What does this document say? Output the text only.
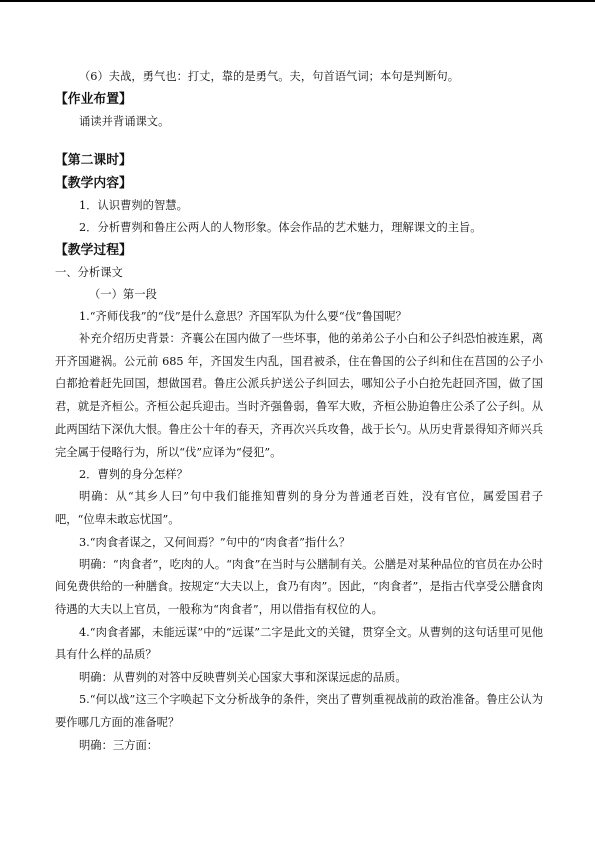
（6）夫战，勇气也：打丈，靠的是勇气。夫，句首语气词；本句是判断句。

【作业布置】

诵读并背诵课文。

【第二课时】

【教学内容】

1．认识曹刿的智慧。

2．分析曹刿和鲁庄公两人的人物形象。体会作品的艺术魅力，理解课文的主旨。

【教学过程】

一、分析课文

（一）第一段

1.“齐师伐我”的“伐”是什么意思？齐国军队为什么要“伐”鲁国呢？

补充介绍历史背景：齐襄公在国内做了一些坏事，他的弟弟公子小白和公子纠恐怕被连累，离开齐国避祸。公元前 685 年，齐国发生内乱，国君被杀，住在鲁国的公子纠和住在莒国的公子小白都抢着赶先回国，想做国君。鲁庄公派兵护送公子纠回去，哪知公子小白抢先赶回齐国，做了国君，就是齐桓公。齐桓公起兵迎击。当时齐强鲁弱，鲁军大败，齐桓公胁迫鲁庄公杀了公子纠。从此两国结下深仇大恨。鲁庄公十年的春天，齐再次兴兵攻鲁，战于长勺。从历史背景得知齐师兴兵完全属于侵略行为，所以“伐”应译为“侵犯”。

2．曹刿的身分怎样？

明确：从“其乡人曰”句中我们能推知曹刿的身分为普通老百姓，没有官位，属爱国君子吧，“位卑未敢忘忧国”。

3.“肉食者谋之，又何间焉？”句中的“肉食者”指什么？

明确：“肉食者”，吃肉的人。“肉食”在当时与公膳制有关。公膳是对某种品位的官员在办公时间免费供给的一种膳食。按规定“大夫以上，食乃有肉”。因此，“肉食者”，是指古代享受公膳食肉待遇的大夫以上官员，一般称为“肉食者”，用以借指有权位的人。

4.“肉食者鄙，未能远谋”中的“远谋”二字是此文的关键，贯穿全文。从曹刿的这句话里可见他具有什么样的品质？

明确：从曹刿的对答中反映曹刿关心国家大事和深谋远虑的品质。

5.“何以战”这三个字唤起下文分析战争的条件，突出了曹刿重视战前的政治准备。鲁庄公认为要作哪几方面的准备呢？

明确：三方面：
